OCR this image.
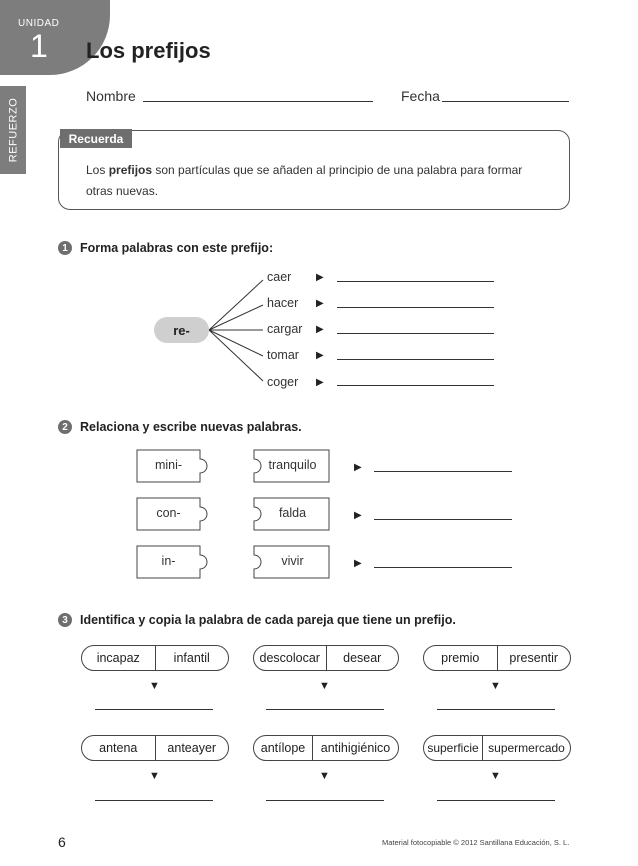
UNIDAD
1
REFUERZO
Los prefijos
Nombre	Fecha
Recuerda
Los prefijos son partículas que se añaden al principio de una palabra para formar otras nuevas.
1 Forma palabras con este prefijo:
re-
caer ▶
hacer ▶
cargar ▶
tomar ▶
coger ▶
2 Relaciona y escribe nuevas palabras.
mini-
con-
in-
tranquilo
falda
vivir
▶
▶
▶
3 Identifica y copia la palabra de cada pareja que tiene un prefijo.
incapaz	infantil	descolocar	desear	premio	presentir
▼	▼	▼
antena	anteayer	antílope	antihigiénico	superficie supermercado
▼	▼	▼
6	Material fotocopiable © 2012 Santillana Educación, S. L.
